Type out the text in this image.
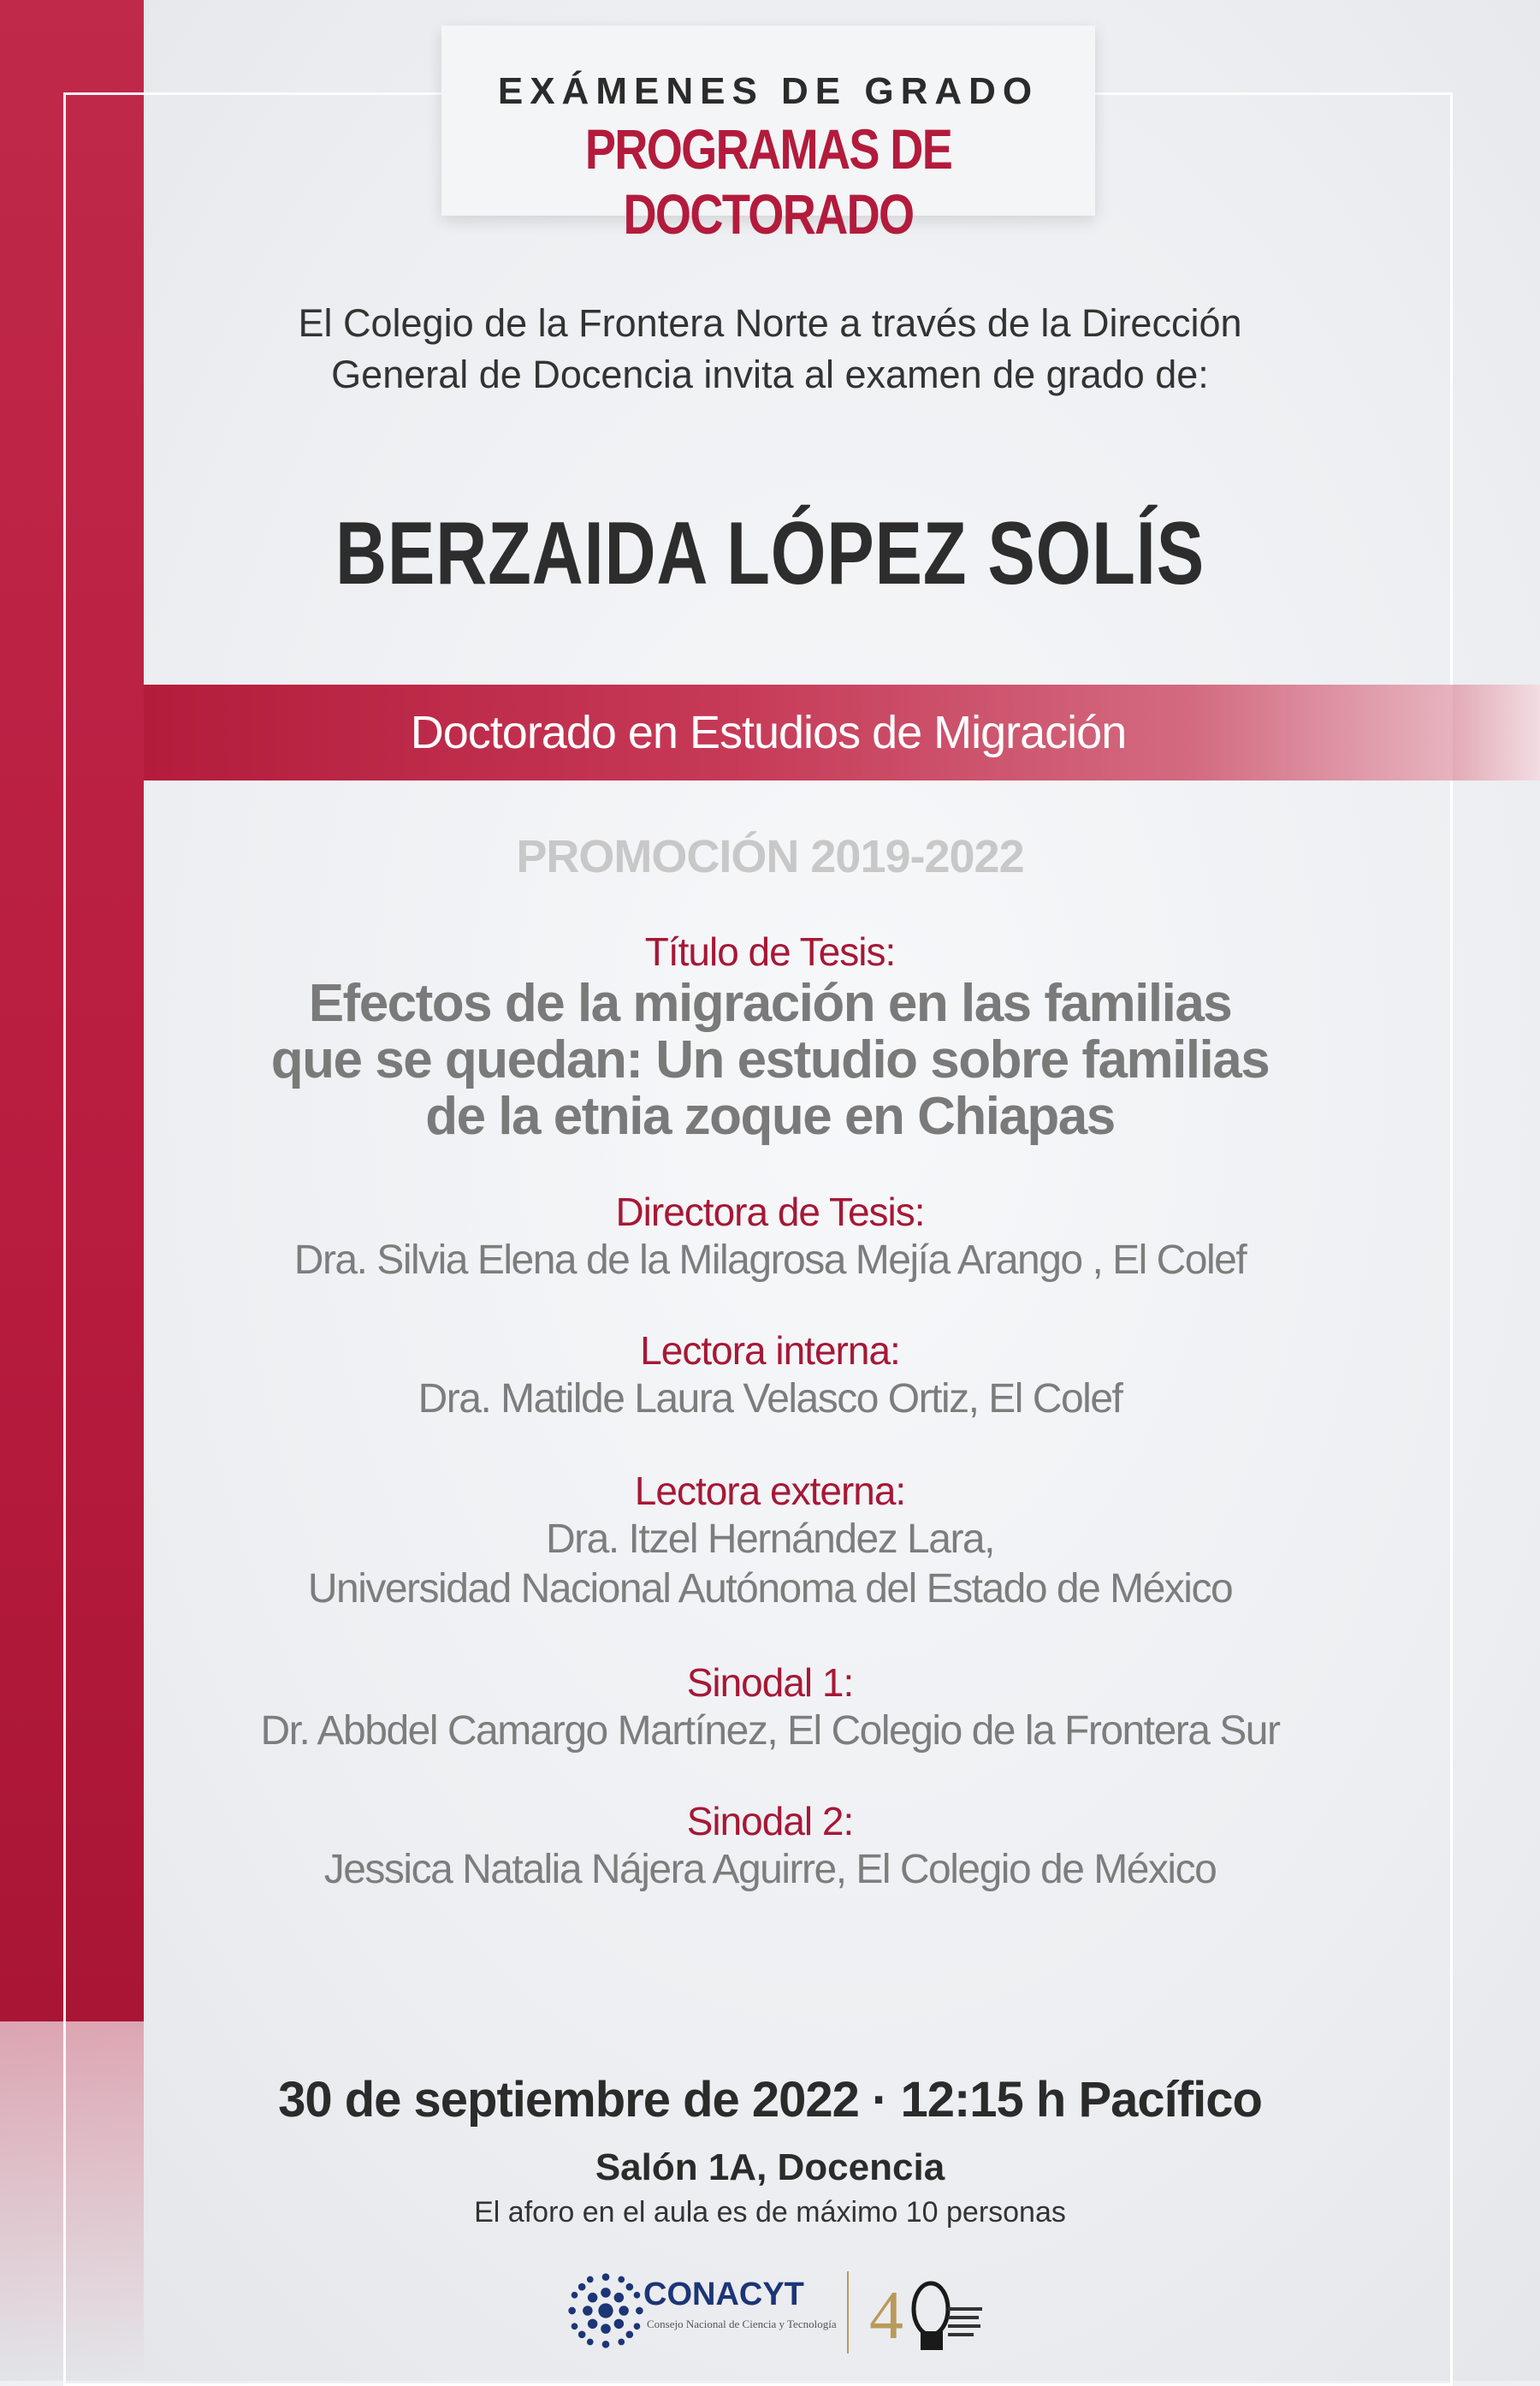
EXÁMENES DE GRADO
PROGRAMAS DE DOCTORADO
El Colegio de la Frontera Norte a través de la Dirección
General de Docencia invita al examen de grado de:
BERZAIDA LÓPEZ SOLÍS
Doctorado en Estudios de Migración
PROMOCIÓN 2019-2022
Título de Tesis:
Efectos de la migración en las familias
que se quedan: Un estudio sobre familias
de la etnia zoque en Chiapas
Directora de Tesis:
Dra. Silvia Elena de la Milagrosa Mejía Arango , El Colef
Lectora interna:
Dra. Matilde Laura Velasco Ortiz, El Colef
Lectora externa:
Dra. Itzel Hernández Lara,
Universidad Nacional Autónoma del Estado de México
Sinodal 1:
Dr. Abbdel Camargo Martínez, El Colegio de la Frontera Sur
Sinodal 2:
Jessica Natalia Nájera Aguirre, El Colegio de México
30 de septiembre de 2022 · 12:15 h Pacífico
Salón 1A, Docencia
El aforo en el aula es de máximo 10 personas
CONACYT
Consejo Nacional de Ciencia y Tecnología 4
